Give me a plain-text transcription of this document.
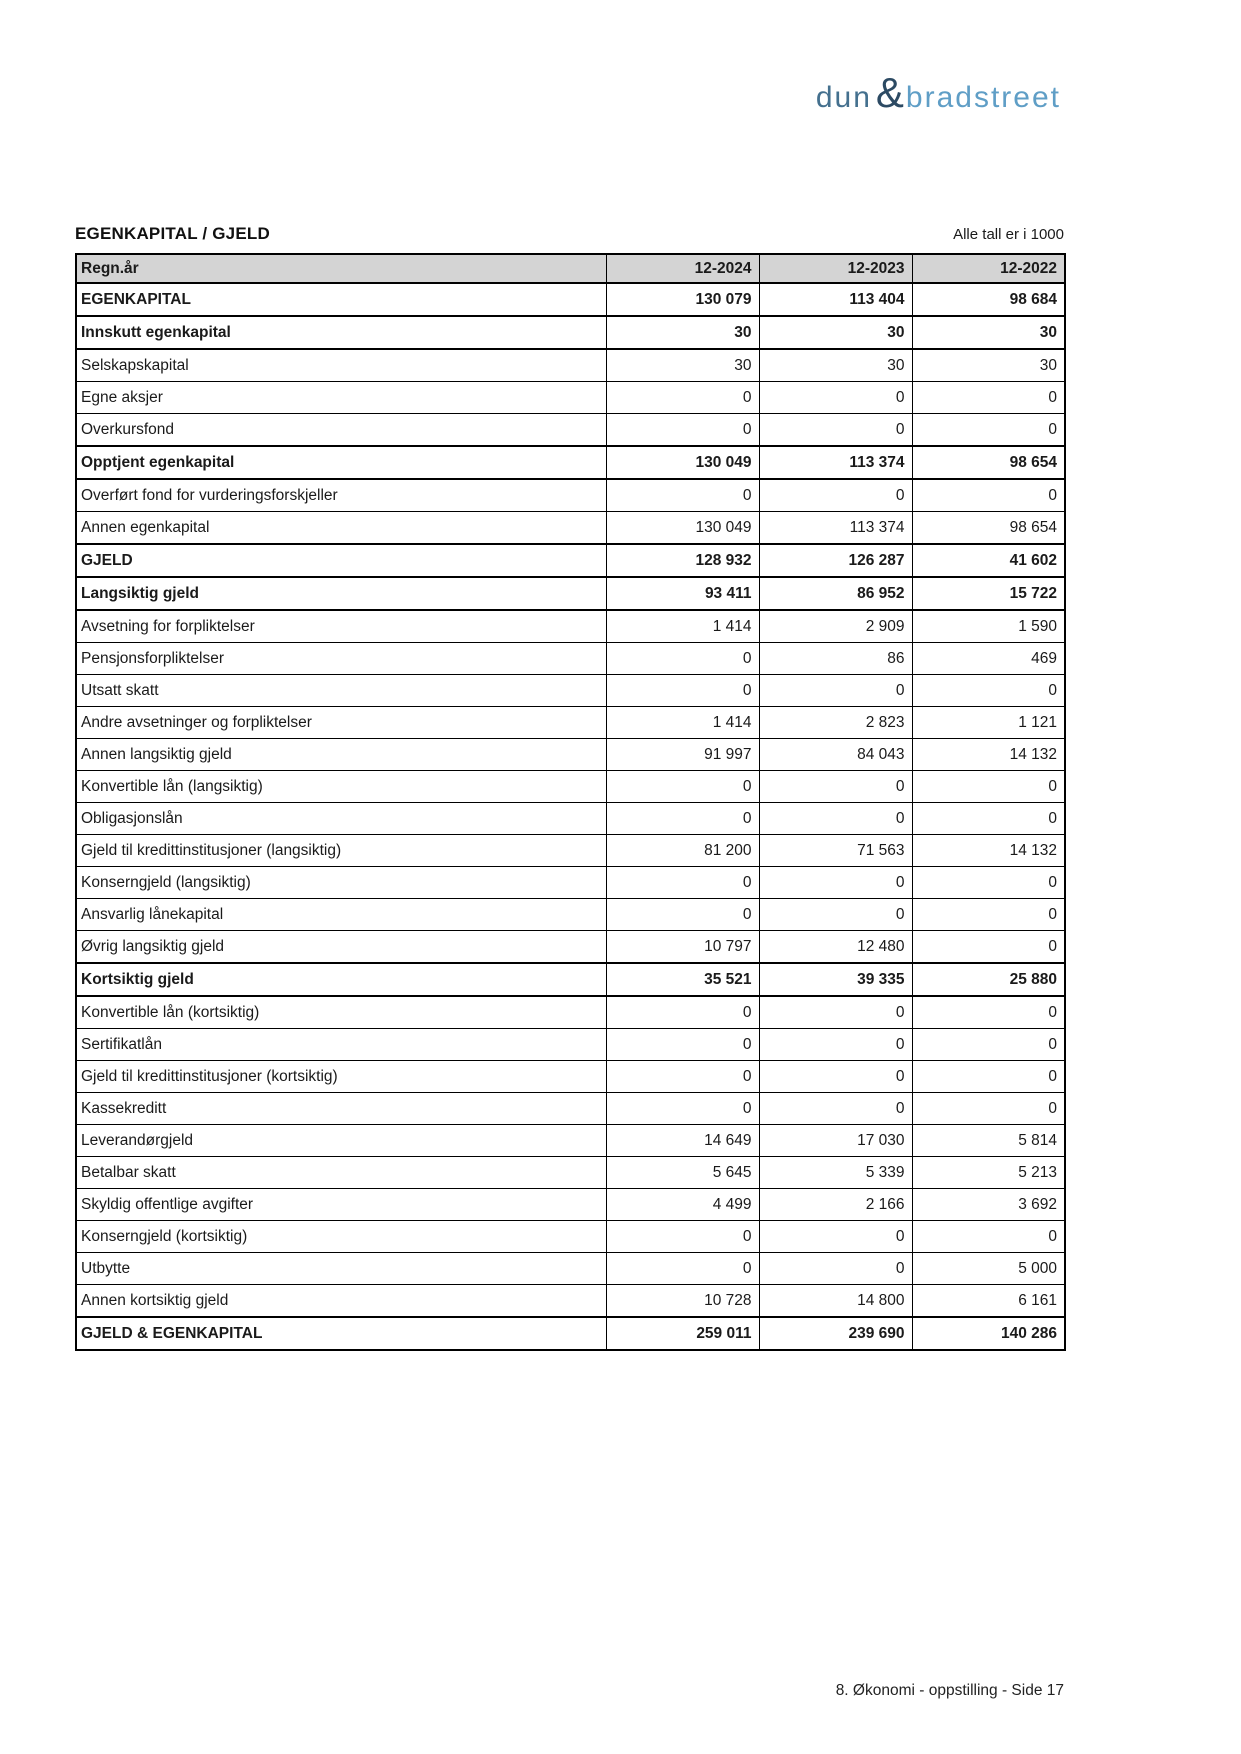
dun & bradstreet
EGENKAPITAL / GJELD	Alle tall er i 1000
Regn.år	12-2024	12-2023	12-2022
EGENKAPITAL	130 079	113 404	98 684
Innskutt egenkapital	30	30	30
Selskapskapital	30	30	30
Egne aksjer	0	0	0
Overkursfond	0	0	0
Opptjent egenkapital	130 049	113 374	98 654
Overført fond for vurderingsforskjeller	0	0	0
Annen egenkapital	130 049	113 374	98 654
GJELD	128 932	126 287	41 602
Langsiktig gjeld	93 411	86 952	15 722
Avsetning for forpliktelser	1 414	2 909	1 590
Pensjonsforpliktelser	0	86	469
Utsatt skatt	0	0	0
Andre avsetninger og forpliktelser	1 414	2 823	1 121
Annen langsiktig gjeld	91 997	84 043	14 132
Konvertible lån (langsiktig)	0	0	0
Obligasjonslån	0	0	0
Gjeld til kredittinstitusjoner (langsiktig)	81 200	71 563	14 132
Konserngjeld (langsiktig)	0	0	0
Ansvarlig lånekapital	0	0	0
Øvrig langsiktig gjeld	10 797	12 480	0
Kortsiktig gjeld	35 521	39 335	25 880
Konvertible lån (kortsiktig)	0	0	0
Sertifikatlån	0	0	0
Gjeld til kredittinstitusjoner (kortsiktig)	0	0	0
Kassekreditt	0	0	0
Leverandørgjeld	14 649	17 030	5 814
Betalbar skatt	5 645	5 339	5 213
Skyldig offentlige avgifter	4 499	2 166	3 692
Konserngjeld (kortsiktig)	0	0	0
Utbytte	0	0	5 000
Annen kortsiktig gjeld	10 728	14 800	6 161
GJELD & EGENKAPITAL	259 011	239 690	140 286
8. Økonomi - oppstilling - Side 17
